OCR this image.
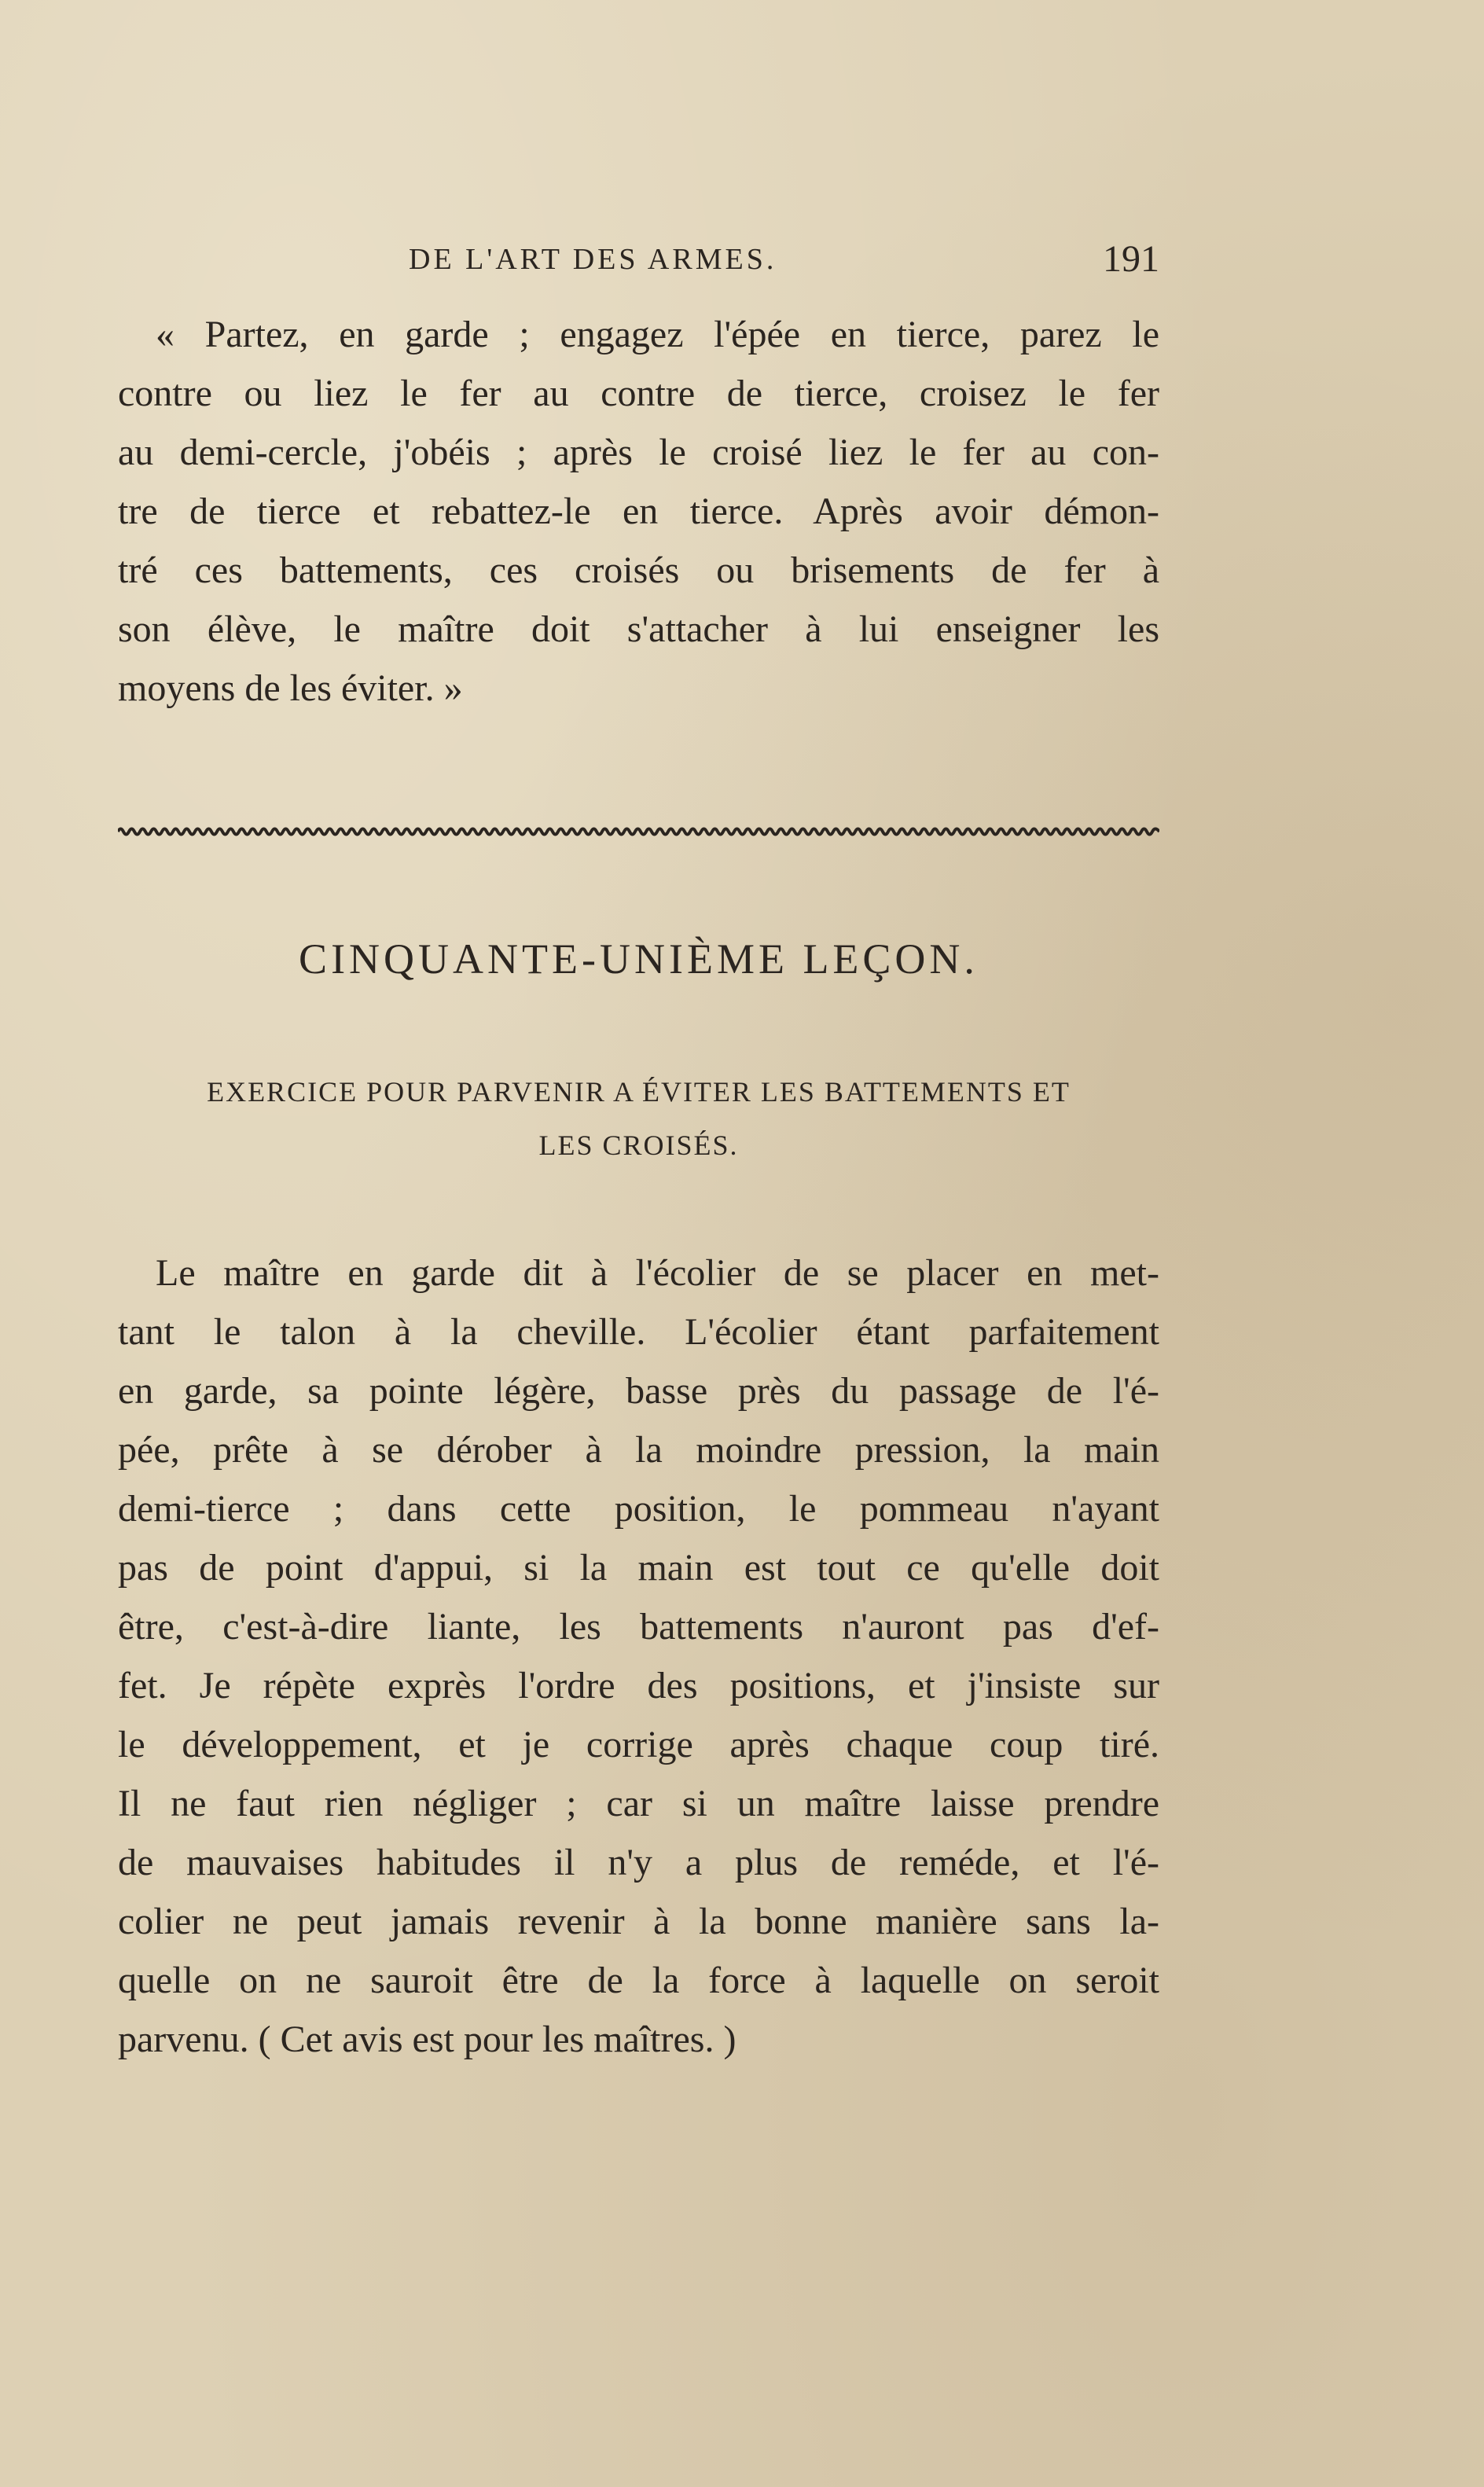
DE L'ART DES ARMES.	191
« Partez, en garde ; engagez l'épée en tierce, parez le
contre ou liez le fer au contre de tierce, croisez le fer
au demi-cercle, j'obéis ; après le croisé liez le fer au con-
tre de tierce et rebattez-le en tierce. Après avoir démon-
tré ces battements, ces croisés ou brisements de fer à
son élève, le maître doit s'attacher à lui enseigner les
moyens de les éviter. »
CINQUANTE-UNIÈME LEÇON.
EXERCICE POUR PARVENIR A ÉVITER LES BATTEMENTS ET
LES CROISÉS.
Le maître en garde dit à l'écolier de se placer en met-
tant le talon à la cheville. L'écolier étant parfaitement
en garde, sa pointe légère, basse près du passage de l'é-
pée, prête à se dérober à la moindre pression, la main
demi-tierce ; dans cette position, le pommeau n'ayant
pas de point d'appui, si la main est tout ce qu'elle doit
être, c'est-à-dire liante, les battements n'auront pas d'ef-
fet. Je répète exprès l'ordre des positions, et j'insiste sur
le développement, et je corrige après chaque coup tiré.
Il ne faut rien négliger ; car si un maître laisse prendre
de mauvaises habitudes il n'y a plus de reméde, et l'é-
colier ne peut jamais revenir à la bonne manière sans la-
quelle on ne sauroit être de la force à laquelle on seroit
parvenu. ( Cet avis est pour les maîtres. )
